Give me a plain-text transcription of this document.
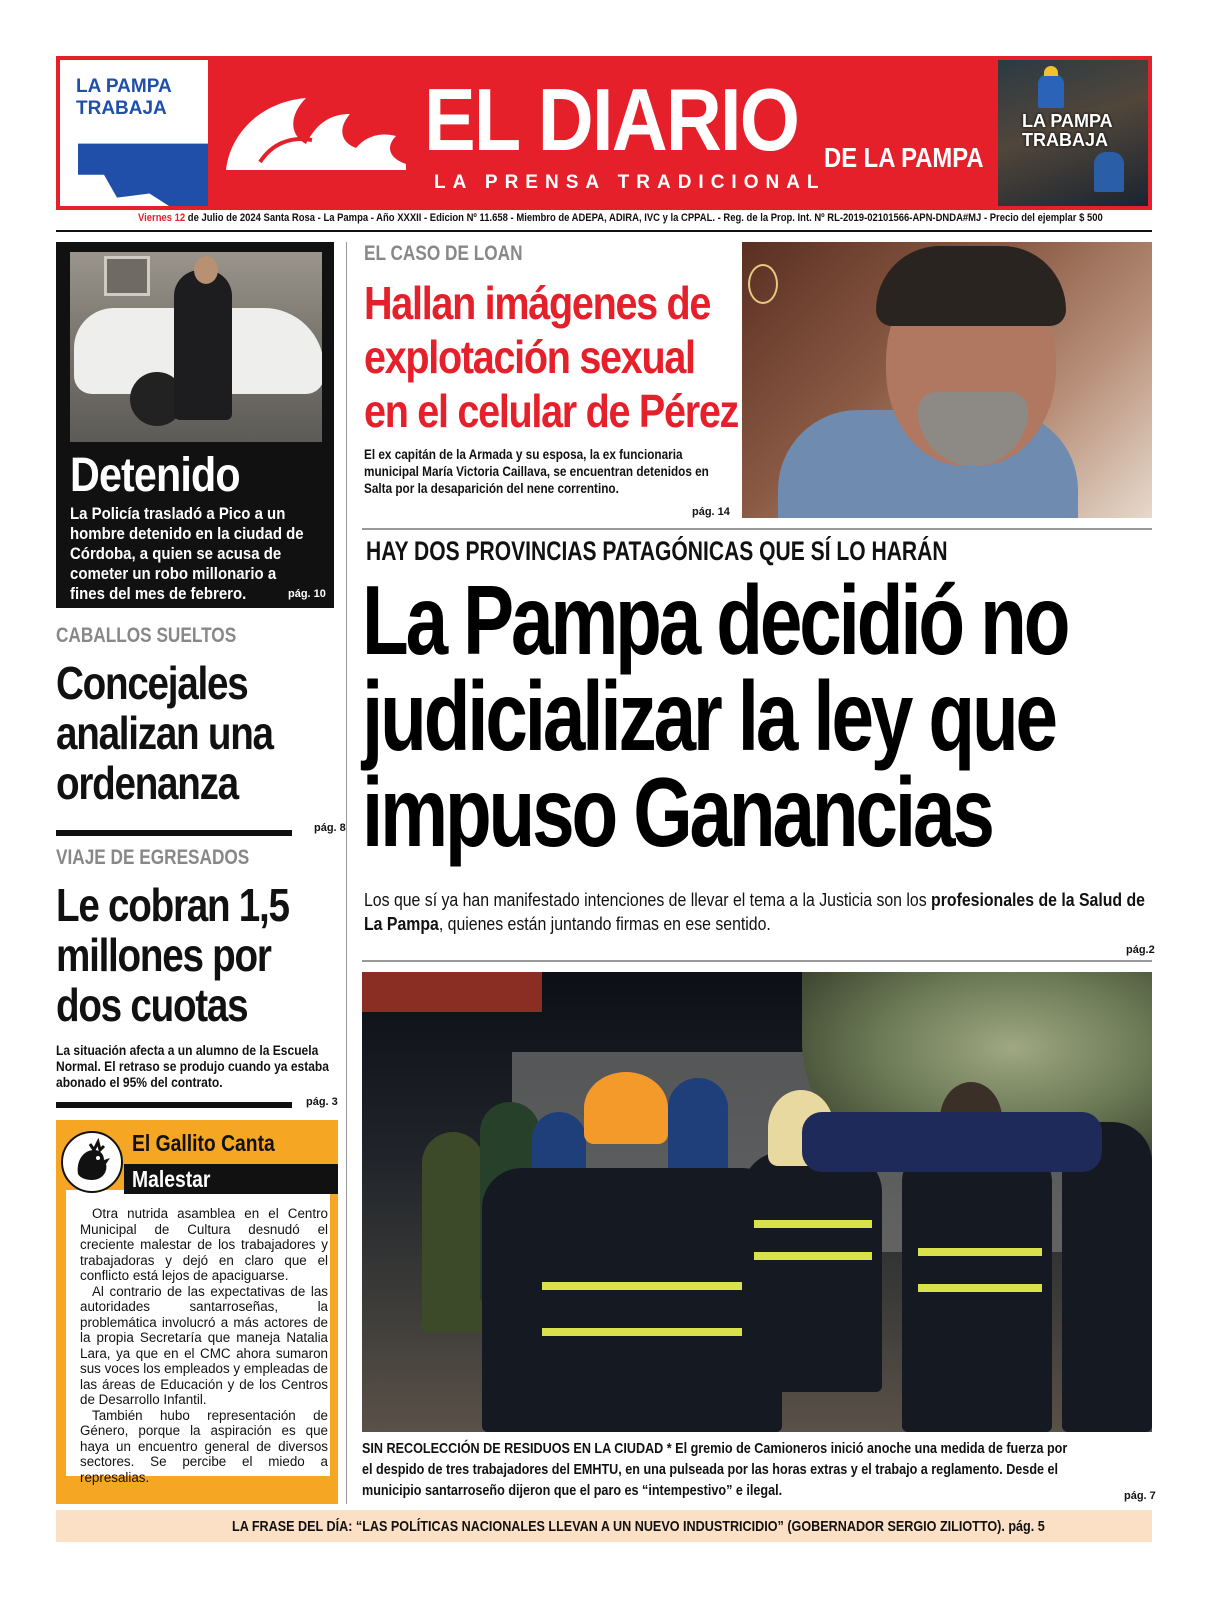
LA PAMPA
TRABAJA	EL DIARIO DE LA PAMPA
LA PRENSA TRADICIONAL
LA PAMPA
TRABAJA
Viernes 12 de Julio de 2024 Santa Rosa - La Pampa - Año XXXII - Edicion Nº 11.658 - Miembro de ADEPA, ADIRA, IVC y la CPPAL. - Reg. de la Prop. Int. Nº RL-2019-02101566-APN-DNDA#MJ - Precio del ejemplar $ 500
Detenido
La Policía trasladó a Pico a un hombre detenido en la ciudad de Córdoba, a quien se acusa de cometer un robo millonario a fines del mes de febrero.	pág. 10
CABALLOS SUELTOS
Concejales analizan una ordenanza
pág. 8
VIAJE DE EGRESADOS
Le cobran 1,5 millones por dos cuotas
La situación afecta a un alumno de la Escuela Normal. El retraso se produjo cuando ya estaba abonado el 95% del contrato.
pág. 3
El Gallito Canta
Malestar

Otra nutrida asamblea en el Centro Municipal de Cultura desnudó el creciente malestar de los trabajadores y trabajadoras y dejó en claro que el conflicto está lejos de apaciguarse.

Al contrario de las expectativas de las autoridades santarroseñas, la problemática involucró a más actores de la propia Secretaría que maneja Natalia Lara, ya que en el CMC ahora sumaron sus voces los empleados y empleadas de las áreas de Educación y de los Centros de Desarrollo Infantil.

También hubo representación de Género, porque la aspiración es que haya un encuentro general de diversos sectores. Se percibe el miedo a represalias.

EL CASO DE LOAN
Hallan imágenes de explotación sexual en el celular de Pérez
El ex capitán de la Armada y su esposa, la ex funcionaria municipal María Victoria Caillava, se encuentran detenidos en Salta por la desaparición del nene correntino.
pág. 14
HAY DOS PROVINCIAS PATAGÓNICAS QUE SÍ LO HARÁN
La Pampa decidió no judicializar la ley que impuso Ganancias
Los que sí ya han manifestado intenciones de llevar el tema a la Justicia son los profesionales de la Salud de La Pampa, quienes están juntando firmas en ese sentido.
pág.2
SIN RECOLECCIÓN DE RESIDUOS EN LA CIUDAD * El gremio de Camioneros inició anoche una medida de fuerza por el despido de tres trabajadores del EMHTU, en una pulseada por las horas extras y el trabajo a reglamento. Desde el municipio santarroseño dijeron que el paro es “intempestivo” e ilegal.	pág. 7
LA FRASE DEL DÍA: “LAS POLÍTICAS NACIONALES LLEVAN A UN NUEVO INDUSTRICIDIO” (GOBERNADOR SERGIO ZILIOTTO). pág. 5
